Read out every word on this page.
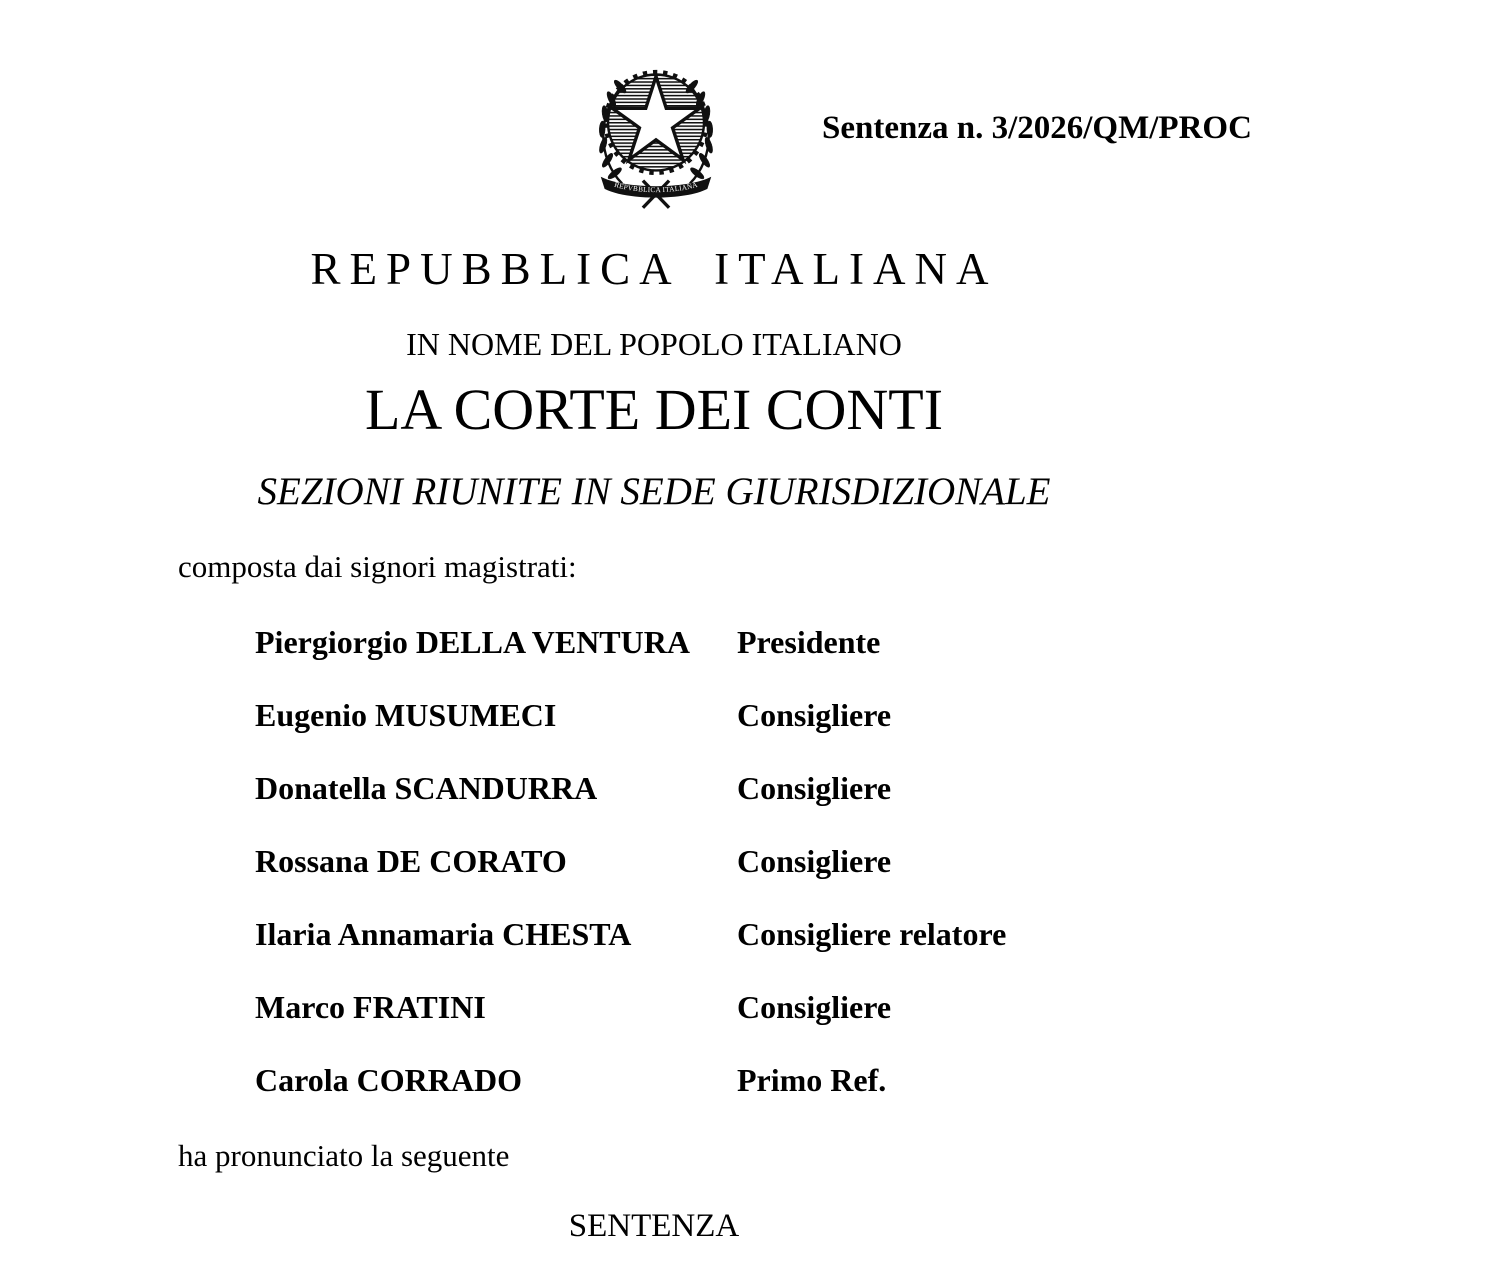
REPVBBLICA ITALIANA
Sentenza n. 3/2026/QM/PROC
REPUBBLICA ITALIANA
IN NOME DEL POPOLO ITALIANO
LA CORTE DEI CONTI
SEZIONI RIUNITE IN SEDE GIURISDIZIONALE
composta dai signori magistrati:
Piergiorgio DELLA VENTURA	Presidente
Eugenio MUSUMECI	Consigliere
Donatella SCANDURRA	Consigliere
Rossana DE CORATO	Consigliere
Ilaria Annamaria CHESTA	Consigliere relatore
Marco FRATINI	Consigliere
Carola CORRADO	Primo Ref.
ha pronunciato la seguente
SENTENZA
